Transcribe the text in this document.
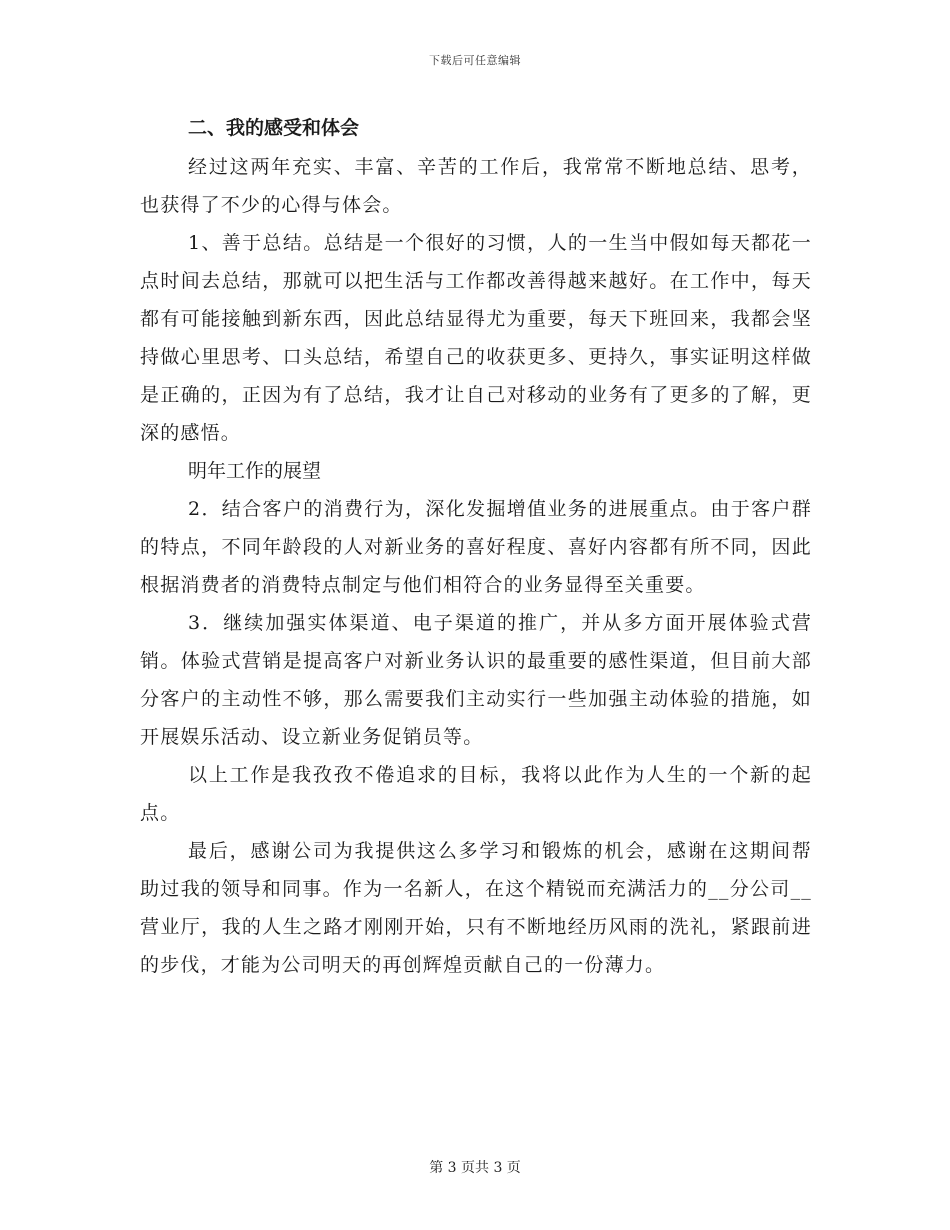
下载后可任意编辑
二、我的感受和体会

经过这两年充实、丰富、辛苦的工作后，我常常不断地总结、思考，也获得了不少的心得与体会。

1、善于总结。总结是一个很好的习惯，人的一生当中假如每天都花一点时间去总结，那就可以把生活与工作都改善得越来越好。在工作中，每天都有可能接触到新东西，因此总结显得尤为重要，每天下班回来，我都会坚持做心里思考、口头总结，希望自己的收获更多、更持久，事实证明这样做是正确的，正因为有了总结，我才让自己对移动的业务有了更多的了解，更深的感悟。

明年工作的展望

2．结合客户的消费行为，深化发掘增值业务的进展重点。由于客户群的特点，不同年龄段的人对新业务的喜好程度、喜好内容都有所不同，因此根据消费者的消费特点制定与他们相符合的业务显得至关重要。

3．继续加强实体渠道、电子渠道的推广，并从多方面开展体验式营销。体验式营销是提高客户对新业务认识的最重要的感性渠道，但目前大部分客户的主动性不够，那么需要我们主动实行一些加强主动体验的措施，如开展娱乐活动、设立新业务促销员等。

以上工作是我孜孜不倦追求的目标，我将以此作为人生的一个新的起点。

最后，感谢公司为我提供这么多学习和锻炼的机会，感谢在这期间帮助过我的领导和同事。作为一名新人，在这个精锐而充满活力的__分公司__营业厅，我的人生之路才刚刚开始，只有不断地经历风雨的洗礼，紧跟前进的步伐，才能为公司明天的再创辉煌贡献自己的一份薄力。

第 3 页共 3 页
